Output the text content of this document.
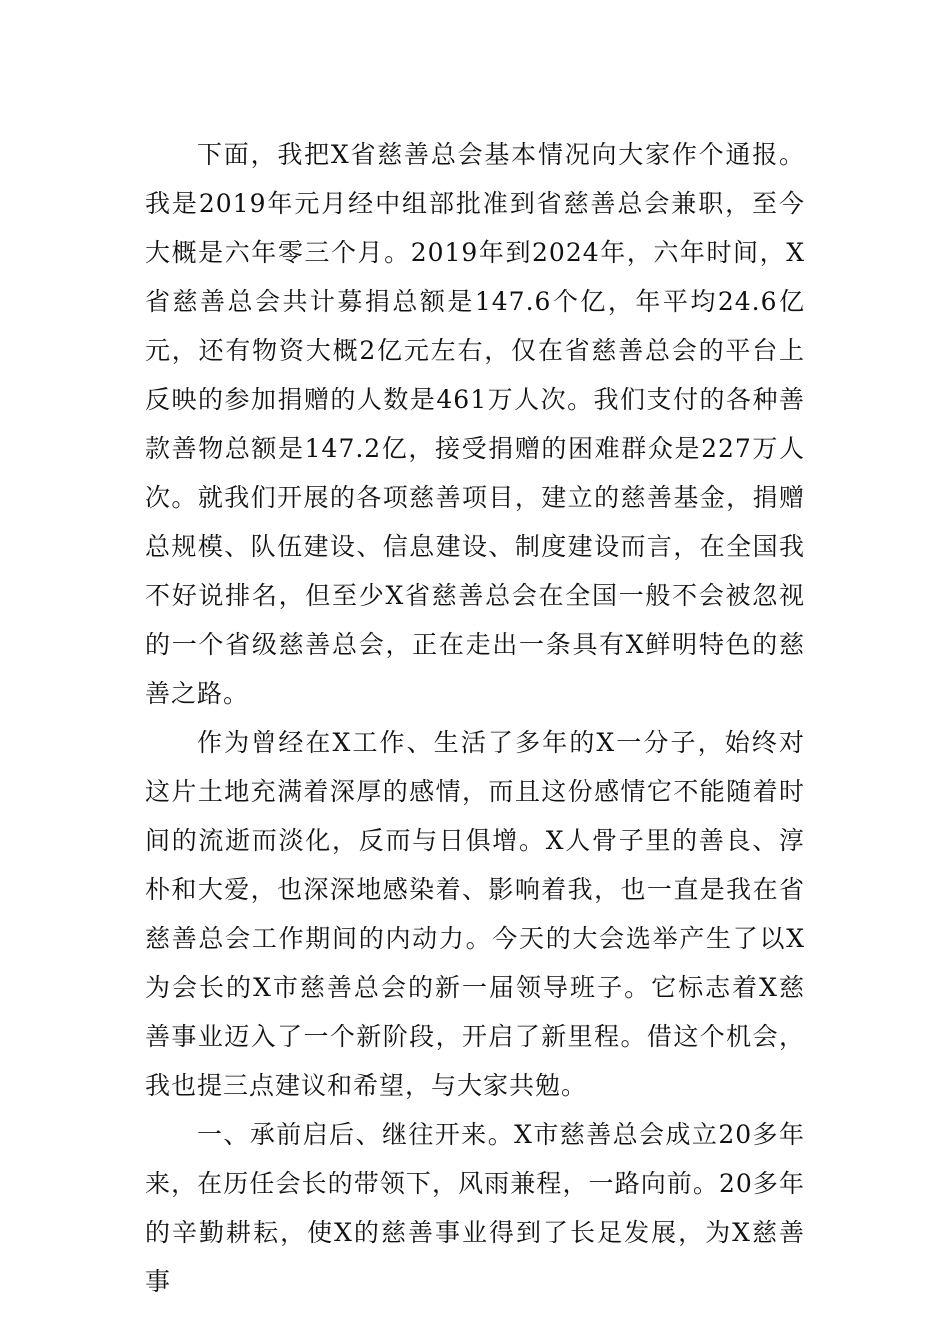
下面，我把X省慈善总会基本情况向大家作个通报。我是2019年元月经中组部批准到省慈善总会兼职，至今大概是六年零三个月。2019年到2024年，六年时间，X省慈善总会共计募捐总额是147.6个亿，年平均24.6亿元，还有物资大概2亿元左右，仅在省慈善总会的平台上反映的参加捐赠的人数是461万人次。我们支付的各种善款善物总额是147.2亿，接受捐赠的困难群众是227万人次。就我们开展的各项慈善项目，建立的慈善基金，捐赠总规模、队伍建设、信息建设、制度建设而言，在全国我不好说排名，但至少X省慈善总会在全国一般不会被忽视的一个省级慈善总会，正在走出一条具有X鲜明特色的慈善之路。

作为曾经在X工作、生活了多年的X一分子，始终对这片土地充满着深厚的感情，而且这份感情它不能随着时间的流逝而淡化，反而与日俱增。X人骨子里的善良、淳朴和大爱，也深深地感染着、影响着我，也一直是我在省慈善总会工作期间的内动力。今天的大会选举产生了以X为会长的X市慈善总会的新一届领导班子。它标志着X慈善事业迈入了一个新阶段，开启了新里程。借这个机会，我也提三点建议和希望，与大家共勉。

一、承前启后、继往开来。X市慈善总会成立20多年来，在历任会长的带领下，风雨兼程，一路向前。20多年的辛勤耕耘，使X的慈善事业得到了长足发展，为X慈善事
